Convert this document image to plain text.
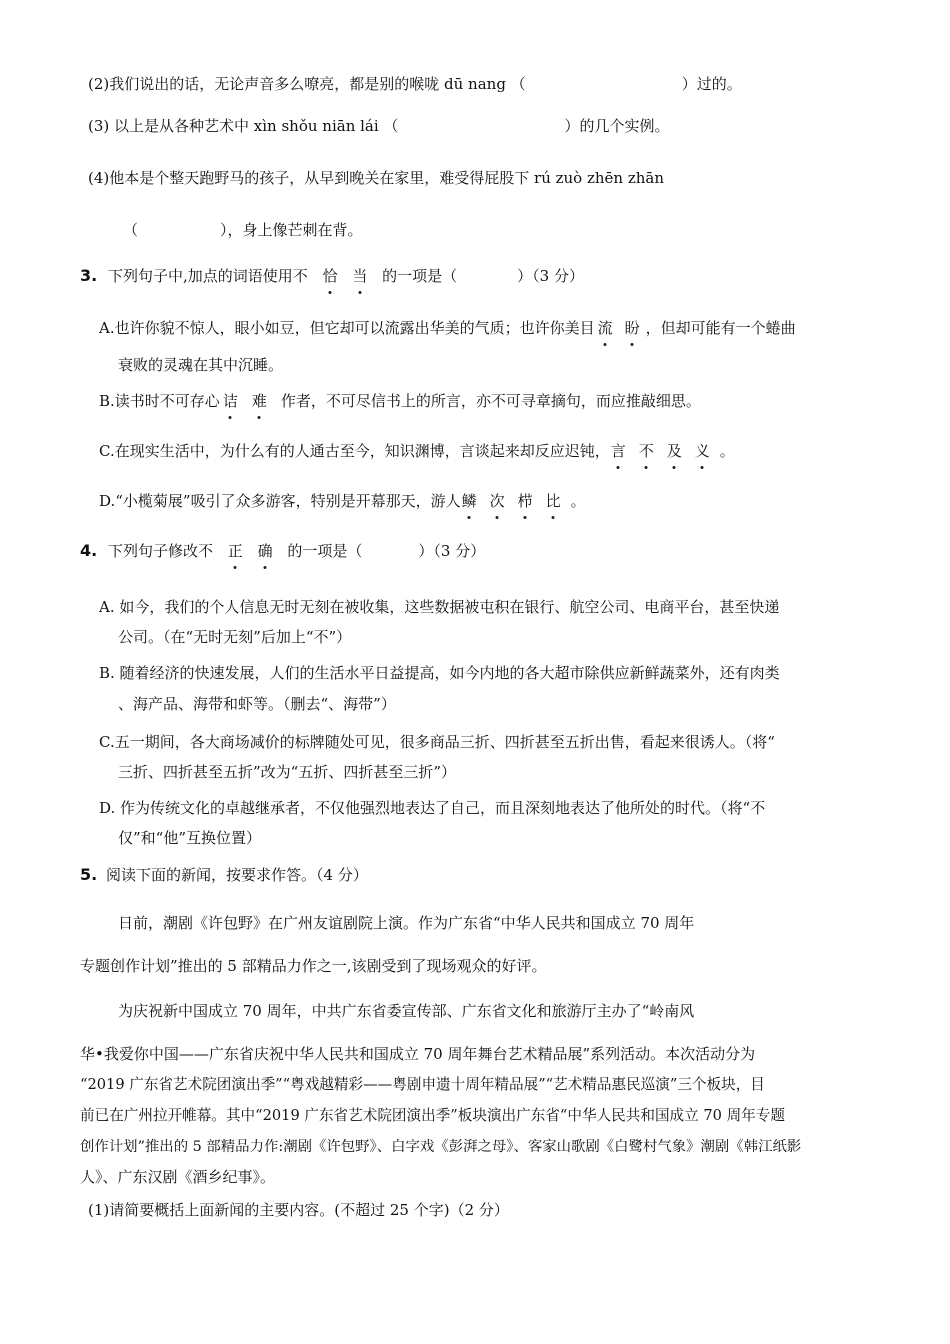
(2)我们说出的话，无论声音多么嘹亮，都是别的喉咙 dū nang （	）过的。
(3) 以上是从各种艺术中 xìn shǒu niān lái （	）的几个实例。
(4)他本是个整天跑野马的孩子，从早到晚关在家里，难受得屁股下 rú zuò zhēn zhān
（	），身上像芒刺在背。
3. 下列句子中,加点的词语使用不 恰 当 的一项是（	）（3 分）
A.也许你貌不惊人，眼小如豆，但它却可以流露出华美的气质；也许你美目 流 盼 ，但却可能有一个蜷曲
衰败的灵魂在其中沉睡。
B.读书时不可存心 诘 难 作者，不可尽信书上的所言，亦不可寻章摘句，而应推敲细思。
C.在现实生活中，为什么有的人通古至今，知识渊博，言谈起来却反应迟钝，言 不 及 义 。
D.“小榄菊展”吸引了众多游客，特别是开幕那天，游人鳞 次 栉 比 。
4. 下列句子修改不 正 确 的一项是（	）（3 分）
A. 如今，我们的个人信息无时无刻在被收集，这些数据被屯积在银行、航空公司、电商平台，甚至快递
公司。（在“无时无刻”后加上“不”）
B. 随着经济的快速发展，人们的生活水平日益提高，如今内地的各大超市除供应新鲜蔬菜外，还有肉类
、海产品、海带和虾等。（删去“、海带”）
C.五一期间，各大商场减价的标牌随处可见，很多商品三折、四折甚至五折出售，看起来很诱人。（将“
三折、四折甚至五折”改为“五折、四折甚至三折”）
D. 作为传统文化的卓越继承者，不仅他强烈地表达了自己，而且深刻地表达了他所处的时代。（将“不
仅”和“他”互换位置）
5. 阅读下面的新闻，按要求作答。（4 分）
日前，潮剧《许包野》在广州友谊剧院上演。作为广东省“中华人民共和国成立 70 周年
专题创作计划”推出的 5 部精品力作之一,该剧受到了现场观众的好评。
为庆祝新中国成立 70 周年，中共广东省委宣传部、广东省文化和旅游厅主办了“岭南风
华•我爱你中国——广东省庆祝中华人民共和国成立 70 周年舞台艺术精品展”系列活动。本次活动分为
“2019 广东省艺术院团演出季”“粤戏越精彩——粤剧申遗十周年精品展”“艺术精品惠民巡演”三个板块，目
前已在广州拉开帷幕。其中“2019 广东省艺术院团演出季”板块演出广东省“中华人民共和国成立 70 周年专题
创作计划”推出的 5 部精品力作:潮剧《许包野》、白字戏《彭湃之母》、客家山歌剧《白鹭村气象》潮剧《韩江纸影
人》、广东汉剧《酒乡纪事》。
(1)请简要概括上面新闻的主要内容。(不超过 25 个字)（2 分）
